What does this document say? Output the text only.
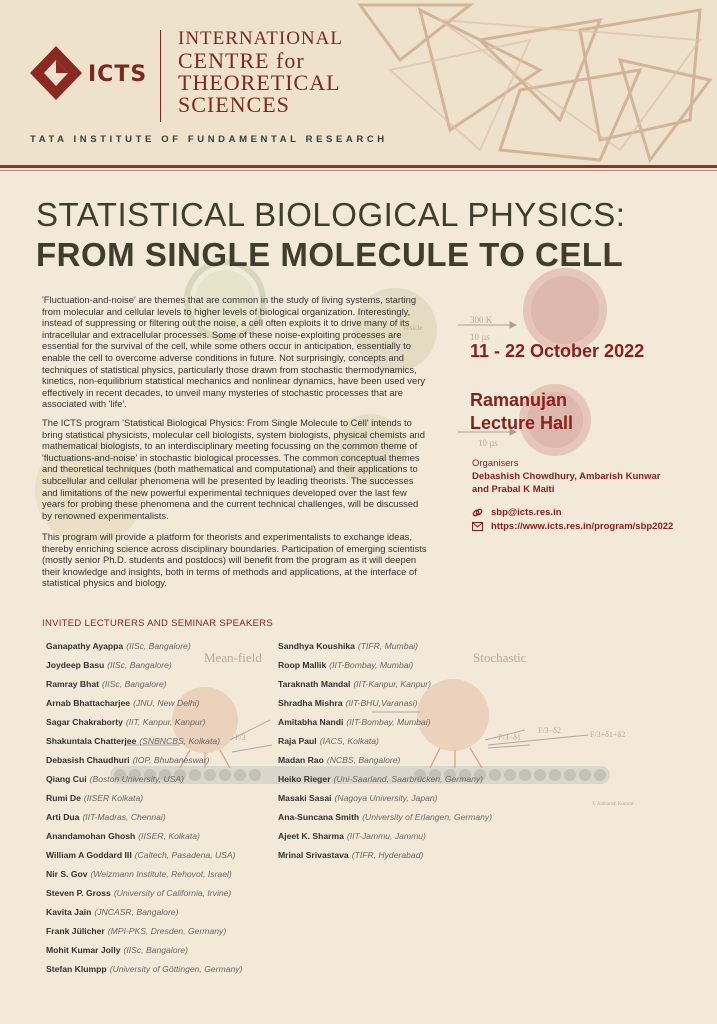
ICTS
INTERNATIONAL
CENTRE for
THEORETICAL
SCIENCES
TATA INSTITUTE OF FUNDAMENTAL RESEARCH
300 K
10 µs
vesicle
10 µs
Mean-field	Stochastic
F/3	F/3−δ1
F/3−δ2	F/3+δ1+δ2
© Ambarish Kunwar
STATISTICAL BIOLOGICAL PHYSICS:
FROM SINGLE MOLECULE TO CELL
'Fluctuation-and-noise' are themes that are common in the study of living systems, starting from molecular and cellular levels to higher levels of biological organization. Interestingly, instead of suppressing or filtering out the noise, a cell often exploits it to drive many of its intracellular and extracellular processes. Some of these noise-exploiting processes are essential for the survival of the cell, while some others occur in anticipation, essentially to enable the cell to overcome adverse conditions in future. Not surprisingly, concepts and techniques of statistical physics, particularly those drawn from stochastic thermodynamics, kinetics, non-equilibrium statistical mechanics and nonlinear dynamics, have been used very effectively in recent decades, to unveil many mysteries of stochastic processes that are associated with 'life'.
The ICTS program 'Statistical Biological Physics: From Single Molecule to Cell' intends to bring statistical physicists, molecular cell biologists, system biologists, physical chemists and mathematical biologists, to an interdisciplinary meeting focussing on the common theme of 'fluctuations-and-noise' in stochastic biological processes. The common conceptual themes and theoretical techniques (both mathematical and computational) and their applications to subcellular and cellular phenomena will be presented by leading theorists. The successes and limitations of the new powerful experimental techniques developed over the last few years for probing these phenomena and the current technical challenges, will be discussed by renowned experimentalists.
This program will provide a platform for theorists and experimentalists to exchange ideas, thereby enriching science across disciplinary boundaries. Participation of emerging scientists (mostly senior Ph.D. students and postdocs) will benefit from the program as it will deepen their knowledge and insights, both in terms of methods and applications, at the interface of statistical physics and biology.
11 - 22 October 2022
Ramanujan
Lecture Hall
Organisers
Debashish Chowdhury, Ambarish Kunwar and Prabal K Maiti
sbp@icts.res.in
https://www.icts.res.in/program/sbp2022
INVITED LECTURERS AND SEMINAR SPEAKERS
Ganapathy Ayappa (IISc, Bangalore)
Joydeep Basu (IISc, Bangalore)
Ramray Bhat (IISc, Bangalore)
Arnab Bhattacharjee (JNU, New Delhi)
Sagar Chakraborty (IIT, Kanpur, Kanpur)
Shakuntala Chatterjee (SNBNCBS, Kolkata)
Debasish Chaudhuri (IOP, Bhubaneswar)
Qiang Cui (Boston University, USA)
Rumi De (IISER Kolkata)
Arti Dua (IIT-Madras, Chennai)
Anandamohan Ghosh (IISER, Kolkata)
William A Goddard III (Caltech, Pasadena, USA)
Nir S. Gov (Weizmann Institute, Rehovot, Israel)
Steven P. Gross (University of California, Irvine)
Kavita Jain (JNCASR, Bangalore)
Frank Jülicher (MPI-PKS, Dresden, Germany)
Mohit Kumar Jolly (IISc, Bangalore)
Stefan Klumpp (University of Göttingen, Germany)
Sandhya Koushika (TIFR, Mumbai)
Roop Mallik (IIT-Bombay, Mumbai)
Taraknath Mandal (IIT-Kanpur, Kanpur)
Shradha Mishra (IIT-BHU,Varanasi)
Amitabha Nandi (IIT-Bombay, Mumbai)
Raja Paul (IACS, Kolkata)
Madan Rao (NCBS, Bangalore)
Heiko Rieger (Uni-Saarland, Saarbrücken, Germany)
Masaki Sasai (Nagoya University, Japan)
Ana-Suncana Smith (University of Erlangen, Germany)
Ajeet K. Sharma (IIT-Jammu, Jammu)
Mrinal Srivastava (TIFR, Hyderabad)
